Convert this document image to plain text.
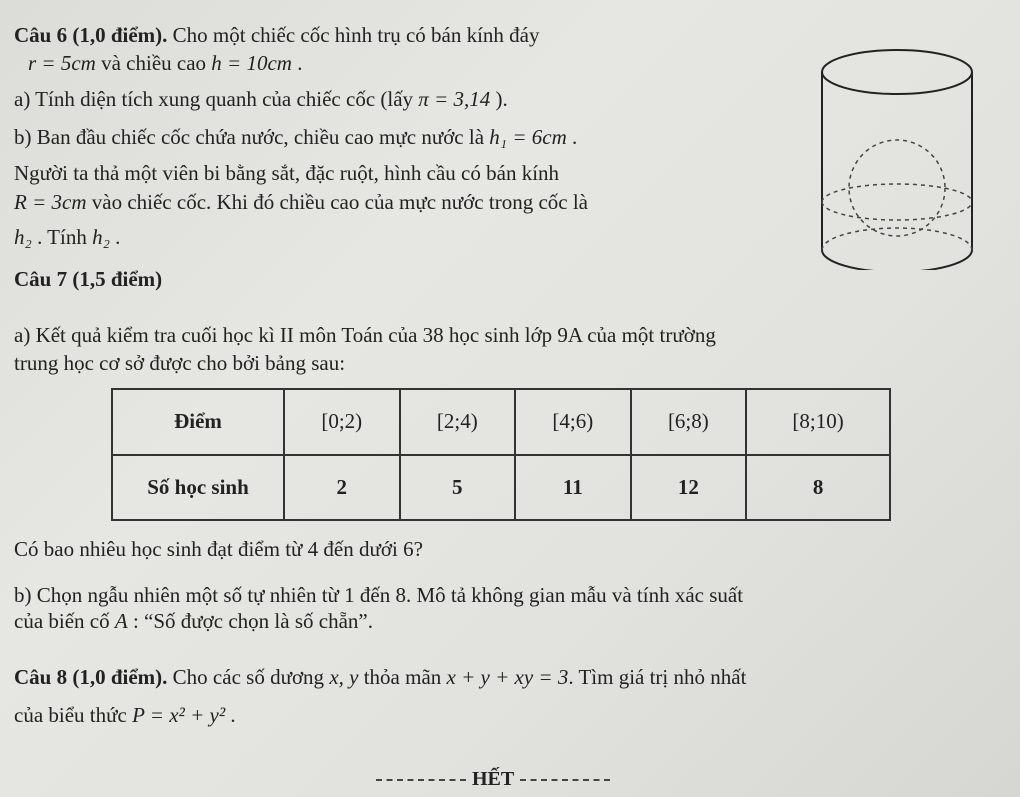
Câu 6 (1,0 điểm). Cho một chiếc cốc hình trụ có bán kính đáy
r = 5cm và chiều cao h = 10cm .
a) Tính diện tích xung quanh của chiếc cốc (lấy π = 3,14 ).
b) Ban đầu chiếc cốc chứa nước, chiều cao mực nước là h₁ = 6cm .
Người ta thả một viên bi bằng sắt, đặc ruột, hình cầu có bán kính
R = 3cm vào chiếc cốc. Khi đó chiều cao của mực nước trong cốc là
h₂ . Tính h₂ .
Câu 7 (1,5 điểm)
a) Kết quả kiểm tra cuối học kì II môn Toán của 38 học sinh lớp 9A của một trường
trung học cơ sở được cho bởi bảng sau:
Điểm	[0;2)	[2;4)	[4;6)	[6;8)	[8;10)
Số học sinh	2	5	11	12	8
Có bao nhiêu học sinh đạt điểm từ 4 đến dưới 6?
b) Chọn ngẫu nhiên một số tự nhiên từ 1 đến 8. Mô tả không gian mẫu và tính xác suất
của biến cố A : “Số được chọn là số chẵn”.
Câu 8 (1,0 điểm). Cho các số dương x, y thỏa mãn x + y + xy = 3. Tìm giá trị nhỏ nhất
của biểu thức P = x² + y² .
HẾT
